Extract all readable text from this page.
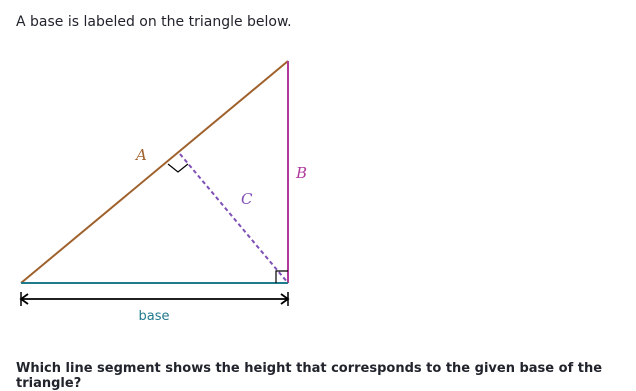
A base is labeled on the triangle below.

A
B
C
base

Which line segment shows the height that corresponds to the given base of the triangle?
